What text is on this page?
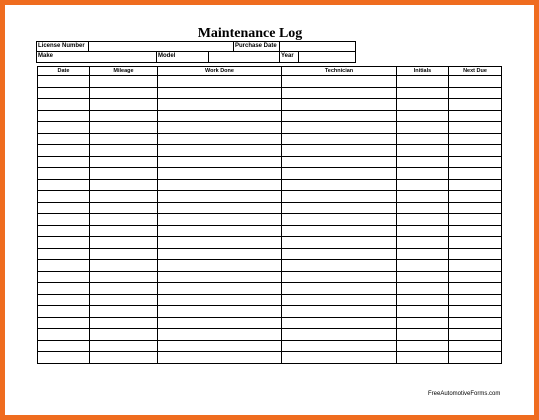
Maintenance Log
License Number	Purchase Date
Make	Model	Year
Date	Mileage	Work Done	Technician	Initials	Next Due

FreeAutomotiveForms.com
